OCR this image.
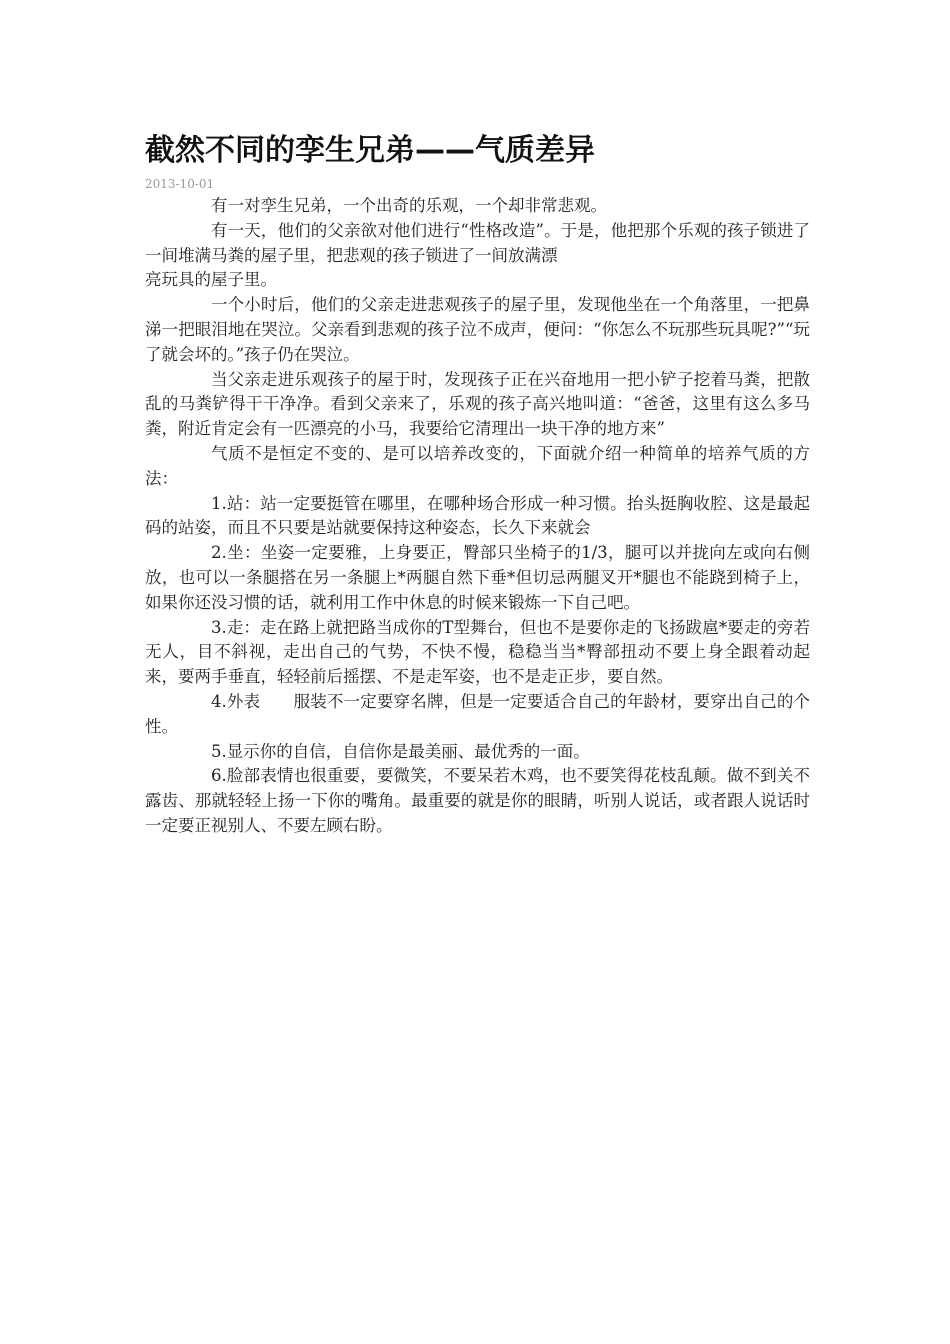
截然不同的孪生兄弟——气质差异
2013-10-01

有一对孪生兄弟，一个出奇的乐观，一个却非常悲观。

有一天，他们的父亲欲对他们进行“性格改造”。于是，他把那个乐观的孩子锁进了一间堆满马粪的屋子里，把悲观的孩子锁进了一间放满漂

亮玩具的屋子里。

一个小时后，他们的父亲走进悲观孩子的屋子里，发现他坐在一个角落里，一把鼻涕一把眼泪地在哭泣。父亲看到悲观的孩子泣不成声，便问：“你怎么不玩那些玩具呢?”“玩了就会坏的。”孩子仍在哭泣。

当父亲走进乐观孩子的屋于时，发现孩子正在兴奋地用一把小铲子挖着马粪，把散乱的马粪铲得干干净净。看到父亲来了，乐观的孩子高兴地叫道：“爸爸，这里有这么多马粪，附近肯定会有一匹漂亮的小马，我要给它清理出一块干净的地方来”

气质不是恒定不变的、是可以培养改变的，下面就介绍一种简单的培养气质的方法：

1.站：站一定要挺管在哪里，在哪种场合形成一种习惯。抬头挺胸收腔、这是最起码的站姿，而且不只要是站就要保持这种姿态，长久下来就会

2.坐：坐姿一定要雅，上身要正，臀部只坐椅子的1/3，腿可以并拢向左或向右侧放，也可以一条腿搭在另一条腿上*两腿自然下垂*但切忌两腿叉开*腿也不能跷到椅子上，如果你还没习惯的话，就利用工作中休息的时候来锻炼一下自己吧。

3.走：走在路上就把路当成你的T型舞台，但也不是要你走的飞扬跋扈*要走的旁若无人，目不斜视，走出自己的气势，不快不慢，稳稳当当*臀部扭动不要上身全跟着动起来，要两手垂直，轻轻前后摇摆、不是走军姿，也不是走正步，要自然。

4.外表　　服装不一定要穿名牌，但是一定要适合自己的年龄材，要穿出自己的个性。

5.显示你的自信，自信你是最美丽、最优秀的一面。

6.脸部表情也很重要，要微笑，不要呆若木鸡，也不要笑得花枝乱颠。做不到关不露齿、那就轻轻上扬一下你的嘴角。最重要的就是你的眼睛，听别人说话，或者跟人说话时一定要正视别人、不要左顾右盼。
